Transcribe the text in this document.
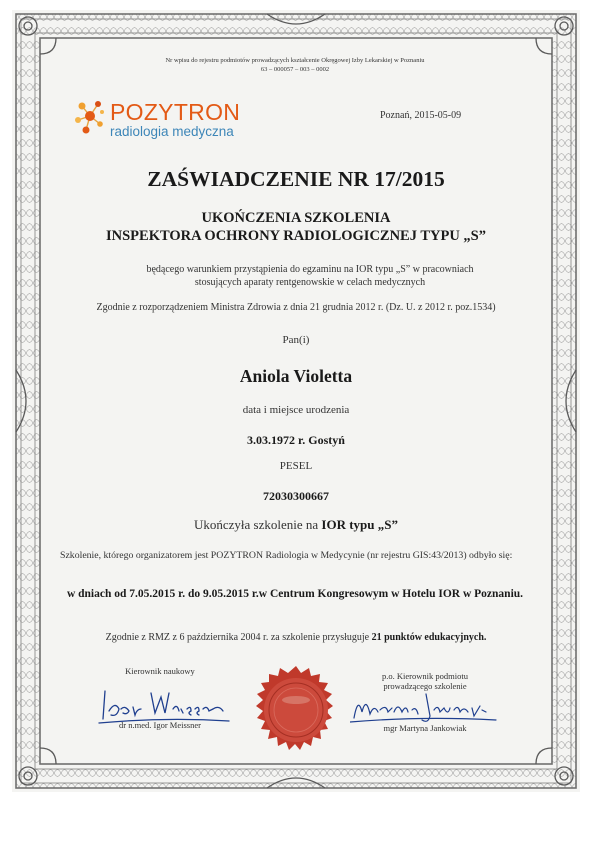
Nr wpisu do rejestru podmiotów prowadzących kształcenie Okręgowej Izby Lekarskiej w Poznaniu
63 – 000057 – 003 – 0002
POZYTRON
radiologia medyczna
Poznań, 2015-05-09
ZAŚWIADCZENIE NR 17/2015
UKOŃCZENIA SZKOLENIA
INSPEKTORA OCHRONY RADIOLOGICZNEJ TYPU „S”
będącego warunkiem przystąpienia do egzaminu na IOR typu „S” w pracowniach
stosujących aparaty rentgenowskie w celach medycznych
Zgodnie z rozporządzeniem Ministra Zdrowia z dnia 21 grudnia 2012 r. (Dz. U. z 2012 r. poz.1534)
Pan(i)
Aniola Violetta
data i miejsce urodzenia
3.03.1972 r. Gostyń
PESEL
72030300667
Ukończyła szkolenie na IOR typu „S”
Szkolenie, którego organizatorem jest POZYTRON Radiologia w Medycynie (nr rejestru GIS:43/2013) odbyło się:
w dniach od 7.05.2015 r. do 9.05.2015 r.w Centrum Kongresowym w Hotelu IOR w Poznaniu.
Zgodnie z RMZ z 6 października 2004 r. za szkolenie przysługuje 21 punktów edukacyjnych.
Kierownik naukowy
dr n.med. Igor Meissner
p.o. Kierownik podmiotu
prowadzącego szkolenie
mgr Martyna Jankowiak
